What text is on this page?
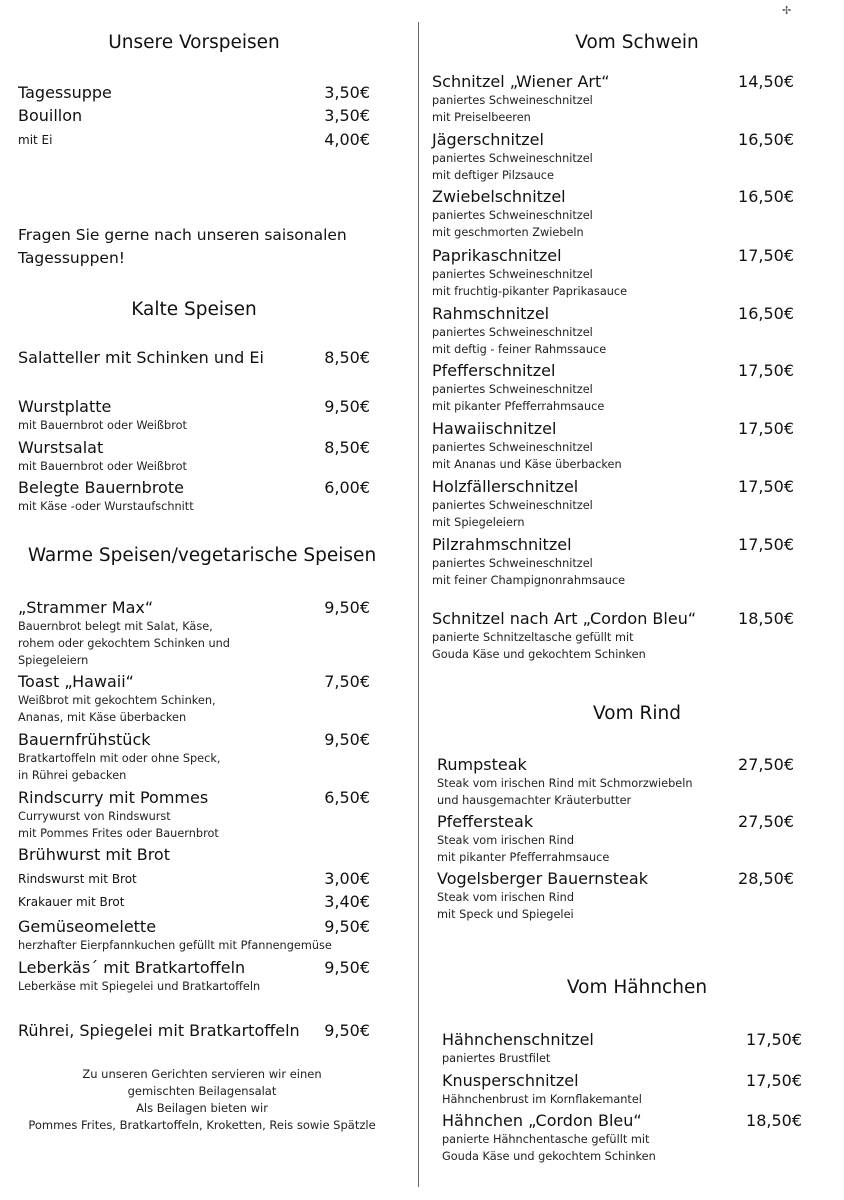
✢
Unsere Vorspeisen
Tagessuppe	3,50€
Bouillon	3,50€
mit Ei	4,00€
Fragen Sie gerne nach unseren saisonalen
Tagessuppen!
Kalte Speisen
Salatteller mit Schinken und Ei	8,50€
Wurstplatte	9,50€
mit Bauernbrot oder Weißbrot
Wurstsalat	8,50€
mit Bauernbrot oder Weißbrot
Belegte Bauernbrote	6,00€
mit Käse -oder Wurstaufschnitt
Warme Speisen/vegetarische Speisen
„Strammer Max“	9,50€
Bauernbrot belegt mit Salat, Käse,
rohem oder gekochtem Schinken und
Spiegeleiern
Toast „Hawaii“	7,50€
Weißbrot mit gekochtem Schinken,
Ananas, mit Käse überbacken
Bauernfrühstück	9,50€
Bratkartoffeln mit oder ohne Speck,
in Rührei gebacken
Rindscurry mit Pommes	6,50€
Currywurst von Rindswurst
mit Pommes Frites oder Bauernbrot
Brühwurst mit Brot
Rindswurst mit Brot	3,00€
Krakauer mit Brot	3,40€
Gemüseomelette	9,50€
herzhafter Eierpfannkuchen gefüllt mit Pfannengemüse
Leberkäs´ mit Bratkartoffeln	9,50€
Leberkäse mit Spiegelei und Bratkartoffeln
Rührei, Spiegelei mit Bratkartoffeln	9,50€
Zu unseren Gerichten servieren wir einen
gemischten Beilagensalat
Als Beilagen bieten wir
Pommes Frites, Bratkartoffeln, Kroketten, Reis sowie Spätzle
Vom Schwein
Schnitzel „Wiener Art“	14,50€
paniertes Schweineschnitzel
mit Preiselbeeren
Jägerschnitzel	16,50€
paniertes Schweineschnitzel
mit deftiger Pilzsauce
Zwiebelschnitzel	16,50€
paniertes Schweineschnitzel
mit geschmorten Zwiebeln
Paprikaschnitzel	17,50€
paniertes Schweineschnitzel
mit fruchtig-pikanter Paprikasauce
Rahmschnitzel	16,50€
paniertes Schweineschnitzel
mit deftig - feiner Rahmssauce
Pfefferschnitzel	17,50€
paniertes Schweineschnitzel
mit pikanter Pfefferrahmsauce
Hawaiischnitzel	17,50€
paniertes Schweineschnitzel
mit Ananas und Käse überbacken
Holzfällerschnitzel	17,50€
paniertes Schweineschnitzel
mit Spiegeleiern
Pilzrahmschnitzel	17,50€
paniertes Schweineschnitzel
mit feiner Champignonrahmsauce
Schnitzel nach Art „Cordon Bleu“	18,50€
panierte Schnitzeltasche gefüllt mit
Gouda Käse und gekochtem Schinken
Vom Rind
Rumpsteak	27,50€
Steak vom irischen Rind mit Schmorzwiebeln
und hausgemachter Kräuterbutter
Pfeffersteak	27,50€
Steak vom irischen Rind
mit pikanter Pfefferrahmsauce
Vogelsberger Bauernsteak	28,50€
Steak vom irischen Rind
mit Speck und Spiegelei
Vom Hähnchen
Hähnchenschnitzel	17,50€
paniertes Brustfilet
Knusperschnitzel	17,50€
Hähnchenbrust im Kornflakemantel
Hähnchen „Cordon Bleu“	18,50€
panierte Hähnchentasche gefüllt mit
Gouda Käse und gekochtem Schinken
